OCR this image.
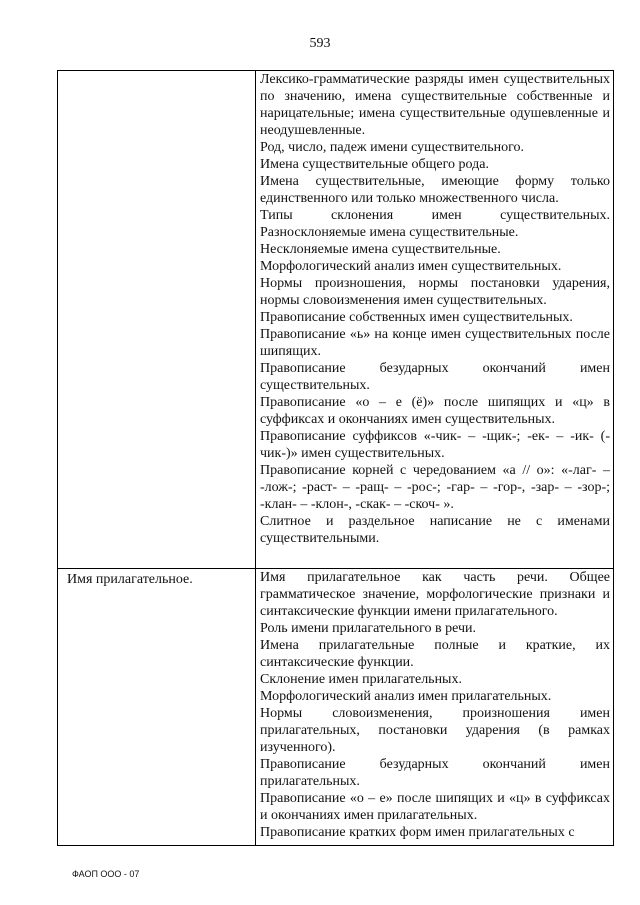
593

Лексико-грамматические разряды имен существительных по значению, имена существительные собственные и нарицательные; имена существительные одушевленные и неодушевленные.

Род, число, падеж имени существительного.

Имена существительные общего рода.

Имена существительные, имеющие форму только единственного или только множественного числа.

Типы склонения имен существительных. Разносклоняемые имена существительные.

Несклоняемые имена существительные.

Морфологический анализ имен существительных.

Нормы произношения, нормы постановки ударения, нормы словоизменения имен существительных.

Правописание собственных имен существительных.

Правописание «ь» на конце имен существительных после шипящих.

Правописание безударных окончаний имен существительных.

Правописание «о – е (ё)» после шипящих и «ц» в суффиксах и окончаниях имен существительных.

Правописание суффиксов «-чик- – -щик-; -ек- – -ик- (-чик-)» имен существительных.

Правописание корней с чередованием «а // о»: «-лаг- – -лож-; -раст- – -ращ- – -рос-; -гар- – -гор-, -зар- – -зор-; -клан- – -клон-, -скак- – -скоч- ».

Слитное и раздельное написание не с именами существительными.

Имя прилагательное.	Имя прилагательное как часть речи. Общее грамматическое значение, морфологические признаки и синтаксические функции имени прилагательного.

Роль имени прилагательного в речи.

Имена прилагательные полные и краткие, их синтаксические функции.

Склонение имен прилагательных.

Морфологический анализ имен прилагательных.

Нормы словоизменения, произношения имен прилагательных, постановки ударения (в рамках изученного).

Правописание безударных окончаний имен прилагательных.

Правописание «о – е» после шипящих и «ц» в суффиксах и окончаниях имен прилагательных.

Правописание кратких форм имен прилагательных с

ФАОП ООО - 07
